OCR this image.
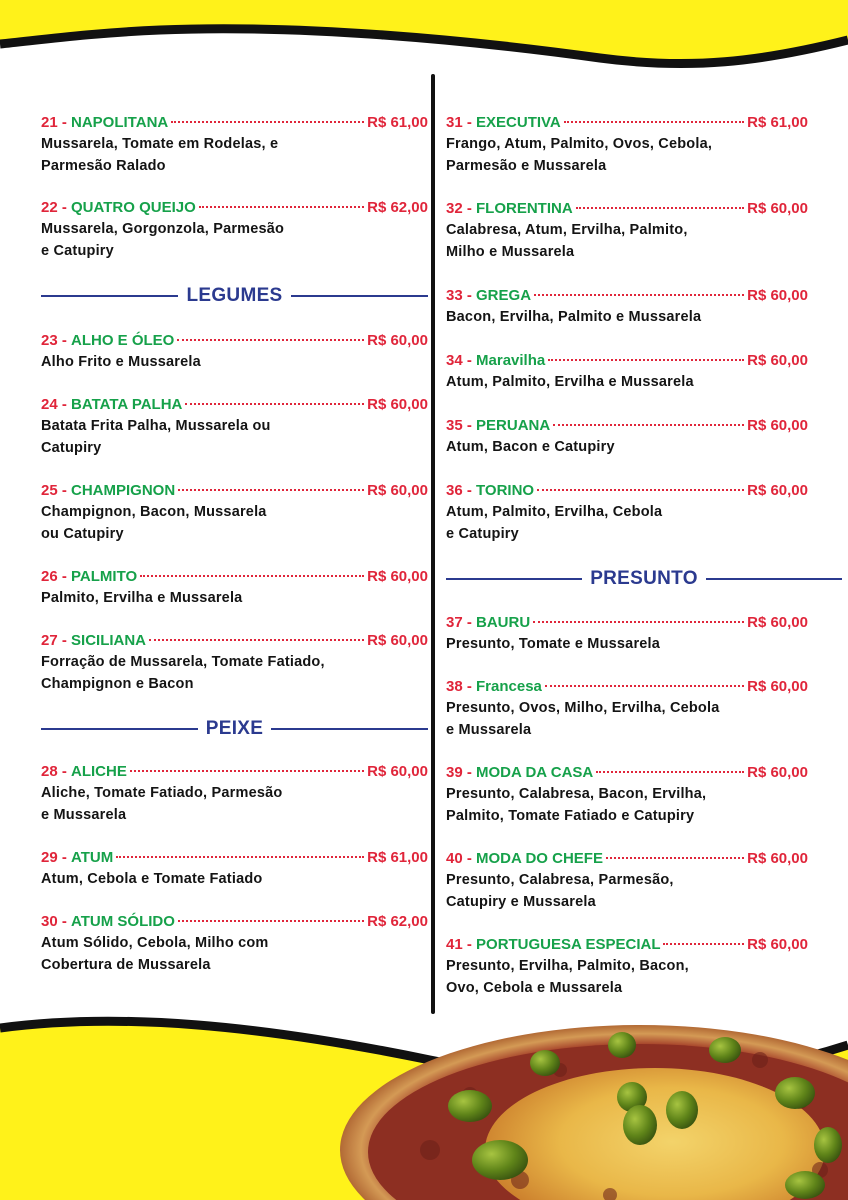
21 - NAPOLITANA	R$ 61,00
Mussarela, Tomate em Rodelas, e
Parmesão Ralado
22 - QUATRO QUEIJO	R$ 62,00
Mussarela, Gorgonzola, Parmesão
e Catupiry
LEGUMES
23 - ALHO E ÓLEO	R$ 60,00
Alho Frito e Mussarela
24 - BATATA PALHA	R$ 60,00
Batata Frita Palha, Mussarela ou
Catupiry
25 - CHAMPIGNON	R$ 60,00
Champignon, Bacon, Mussarela
ou Catupiry
26 - PALMITO	R$ 60,00
Palmito, Ervilha e Mussarela
27 - SICILIANA	R$ 60,00
Forração de Mussarela, Tomate Fatiado,
Champignon e Bacon
PEIXE
28 - ALICHE	R$ 60,00
Aliche, Tomate Fatiado, Parmesão
e Mussarela
29 - ATUM	R$ 61,00
Atum, Cebola e Tomate Fatiado
30 - ATUM SÓLIDO	R$ 62,00
Atum Sólido, Cebola, Milho com
Cobertura de Mussarela
31 - EXECUTIVA	R$ 61,00
Frango, Atum, Palmito, Ovos, Cebola,
Parmesão e Mussarela
32 - FLORENTINA	R$ 60,00
Calabresa, Atum, Ervilha, Palmito,
Milho e Mussarela
33 - GREGA	R$ 60,00
Bacon, Ervilha, Palmito e Mussarela
34 - Maravilha	R$ 60,00
Atum, Palmito, Ervilha e Mussarela
35 - PERUANA	R$ 60,00
Atum, Bacon e Catupiry
36 - TORINO	R$ 60,00
Atum, Palmito, Ervilha, Cebola
e Catupiry
PRESUNTO
37 - BAURU	R$ 60,00
Presunto, Tomate e Mussarela
38 - Francesa	R$ 60,00
Presunto, Ovos, Milho, Ervilha, Cebola
e Mussarela
39 - MODA DA CASA	R$ 60,00
Presunto, Calabresa, Bacon, Ervilha,
Palmito, Tomate Fatiado e Catupiry
40 - MODA DO CHEFE	R$ 60,00
Presunto, Calabresa, Parmesão,
Catupiry e Mussarela
41 - PORTUGUESA ESPECIAL	R$ 60,00
Presunto, Ervilha, Palmito, Bacon,
Ovo, Cebola e Mussarela
